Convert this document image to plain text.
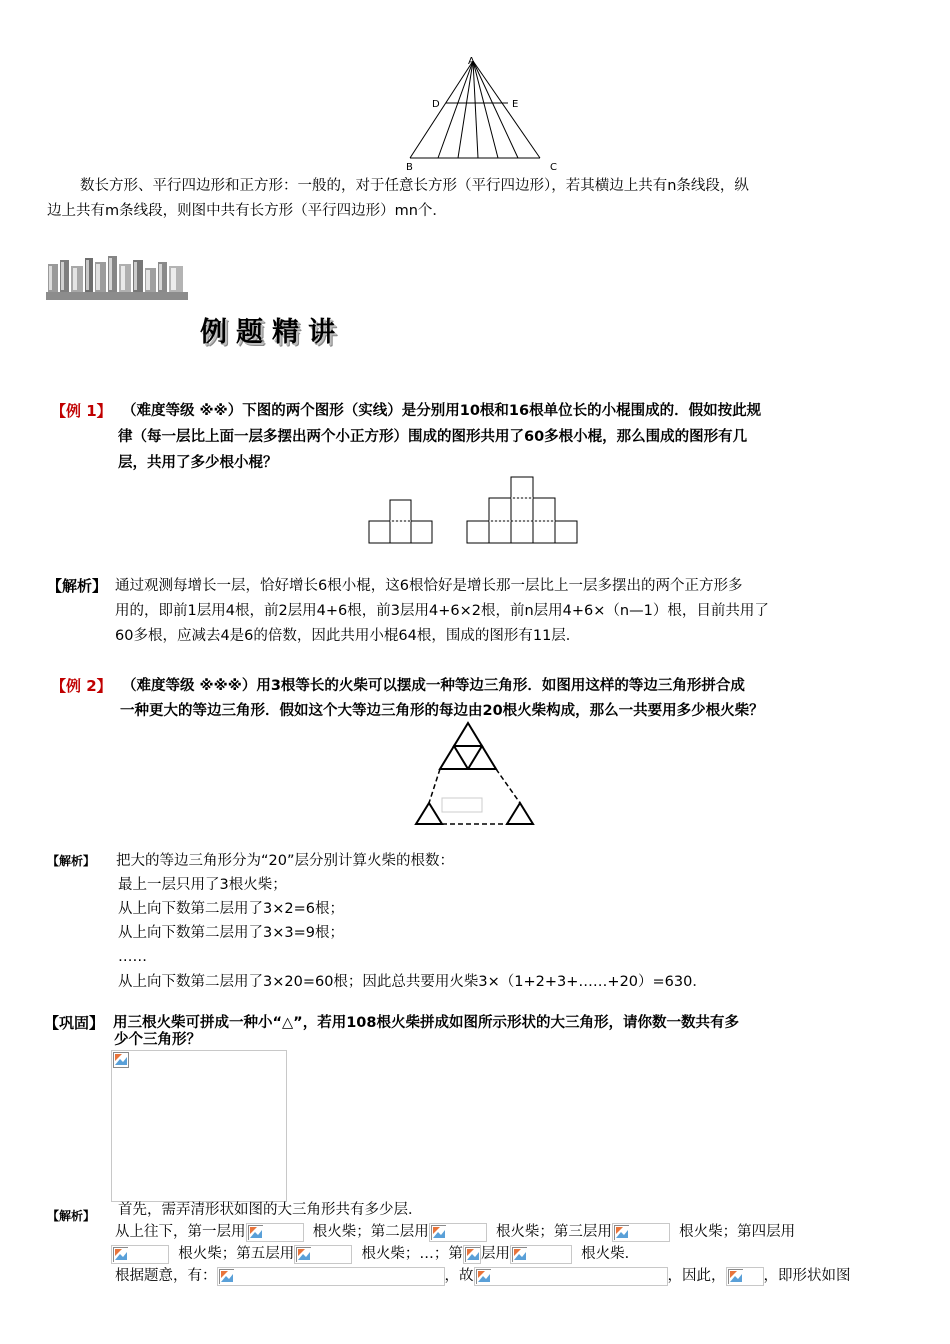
A
D	E
B	C
数长方形、平行四边形和正方形：一般的，对于任意长方形（平行四边形），若其横边上共有n条线段，纵
边上共有m条线段，则图中共有长方形（平行四边形）mn个．
例题精讲
【例 1】 （难度等级 ※※）下图的两个图形（实线）是分别用10根和16根单位长的小棍围成的．假如按此规
律（每一层比上面一层多摆出两个小正方形）围成的图形共用了60多根小棍，那么围成的图形有几
层，共用了多少根小棍？
【解析】 通过观测每增长一层，恰好增长6根小棍，这6根恰好是增长那一层比上一层多摆出的两个正方形多
用的，即前1层用4根，前2层用4+6根，前3层用4+6×2根，前n层用4+6×（n—1）根，目前共用了
60多根，应减去4是6的倍数，因此共用小棍64根，围成的图形有11层．
【例 2】 （难度等级 ※※※）用3根等长的火柴可以摆成一种等边三角形．如图用这样的等边三角形拼合成
一种更大的等边三角形．假如这个大等边三角形的每边由20根火柴构成，那么一共要用多少根火柴？
【解析】 把大的等边三角形分为“20”层分别计算火柴的根数：
最上一层只用了3根火柴；
从上向下数第二层用了3×2=6根；
从上向下数第二层用了3×3=9根；
……
从上向下数第二层用了3×20=60根；因此总共要用火柴3×（1+2+3+……+20）=630．
【巩固】 用三根火柴可拼成一种小“△”，若用108根火柴拼成如图所示形状的大三角形，请你数一数共有多
少个三角形？
【解析】 首先，需弄清形状如图的大三角形共有多少层．
从上往下，第一层用	根火柴；第二层用	根火柴；第三层用	根火柴；第四层用
根火柴；第五层用	根火柴；…；第 层用	根火柴．
根据题意，有：	，故	，因此，	，即形状如图
